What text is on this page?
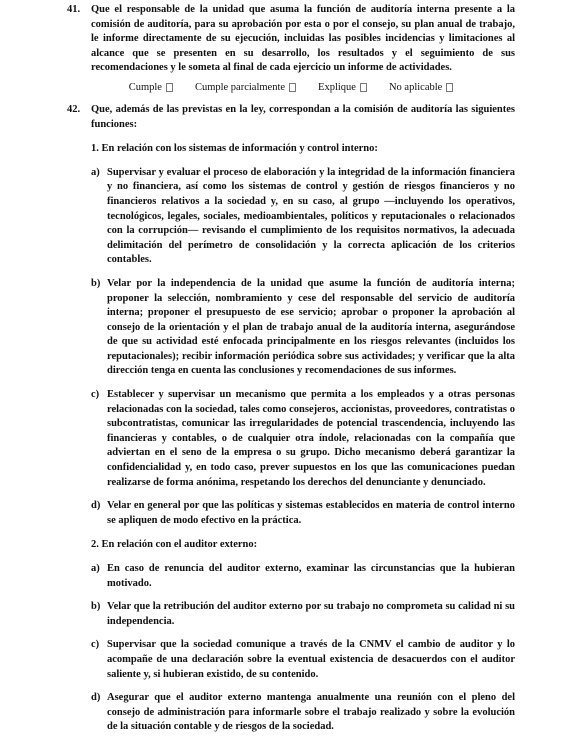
41.	Que el responsable de la unidad que asuma la función de auditoría interna presente a la comisión de auditoría, para su aprobación por esta o por el consejo, su plan anual de trabajo, le informe directamente de su ejecución, incluidas las posibles incidencias y limitaciones al alcance que se presenten en su desarrollo, los resultados y el seguimiento de sus recomendaciones y le someta al final de cada ejercicio un informe de actividades.

Cumple	Cumple parcialmente	Explique	No aplicable
42.	Que, además de las previstas en la ley, correspondan a la comisión de auditoría las siguientes funciones:

1. En relación con los sistemas de información y control interno:

a) Supervisar y evaluar el proceso de elaboración y la integridad de la información financiera y no financiera, así como los sistemas de control y gestión de riesgos financieros y no financieros relativos a la sociedad y, en su caso, al grupo —incluyendo los operativos, tecnológicos, legales, sociales, medioambientales, políticos y reputacionales o relacionados con la corrupción— revisando el cumplimiento de los requisitos normativos, la adecuada delimitación del perímetro de consolidación y la correcta aplicación de los criterios contables.

b) Velar por la independencia de la unidad que asume la función de auditoría interna; proponer la selección, nombramiento y cese del responsable del servicio de auditoría interna; proponer el presupuesto de ese servicio; aprobar o proponer la aprobación al consejo de la orientación y el plan de trabajo anual de la auditoría interna, asegurándose de que su actividad esté enfocada principalmente en los riesgos relevantes (incluidos los reputacionales); recibir información periódica sobre sus actividades; y verificar que la alta dirección tenga en cuenta las conclusiones y recomendaciones de sus informes.

c) Establecer y supervisar un mecanismo que permita a los empleados y a otras personas relacionadas con la sociedad, tales como consejeros, accionistas, proveedores, contratistas o subcontratistas, comunicar las irregularidades de potencial trascendencia, incluyendo las financieras y contables, o de cualquier otra índole, relacionadas con la compañía que adviertan en el seno de la empresa o su grupo. Dicho mecanismo deberá garantizar la confidencialidad y, en todo caso, prever supuestos en los que las comunicaciones puedan realizarse de forma anónima, respetando los derechos del denunciante y denunciado.

d) Velar en general por que las políticas y sistemas establecidos en materia de control interno se apliquen de modo efectivo en la práctica.

2. En relación con el auditor externo:

a) En caso de renuncia del auditor externo, examinar las circunstancias que la hubieran motivado.

b) Velar que la retribución del auditor externo por su trabajo no comprometa su calidad ni su independencia.

c) Supervisar que la sociedad comunique a través de la CNMV el cambio de auditor y lo acompañe de una declaración sobre la eventual existencia de desacuerdos con el auditor saliente y, si hubieran existido, de su contenido.

d) Asegurar que el auditor externo mantenga anualmente una reunión con el pleno del consejo de administración para informarle sobre el trabajo realizado y sobre la evolución de la situación contable y de riesgos de la sociedad.
